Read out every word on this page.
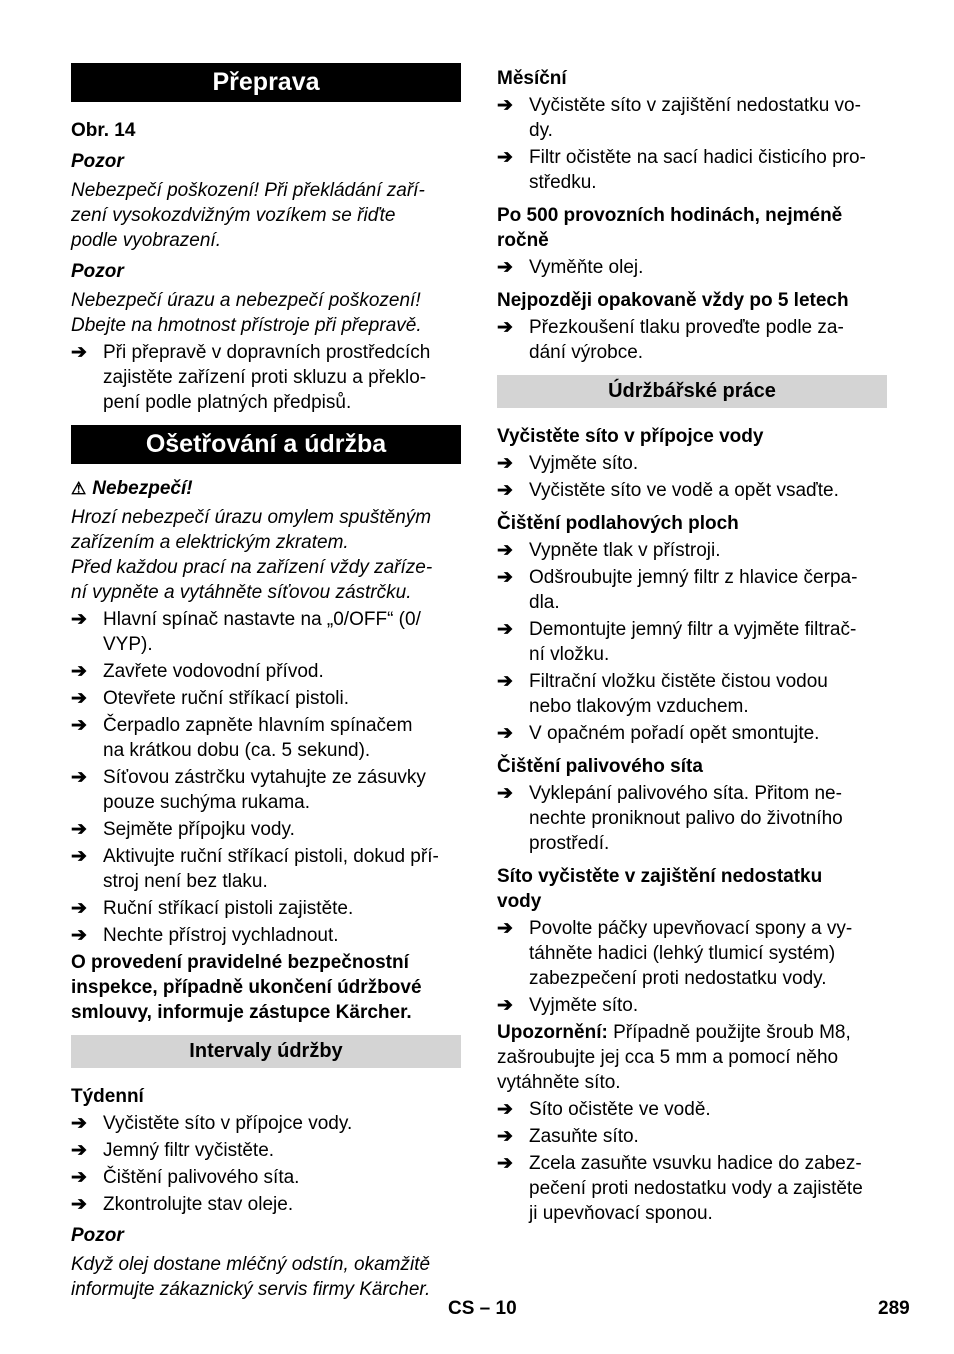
Přeprava
Obr. 14
Pozor
Nebezpečí poškození! Při překládání zaří-
zení vysokozdvižným vozíkem se řiďte
podle vyobrazení.
Pozor
Nebezpečí úrazu a nebezpečí poškození!
Dbejte na hmotnost přístroje při přepravě.
➔ Při přepravě v dopravních prostředcích
zajistěte zařízení proti skluzu a překlo-
pení podle platných předpisů.
Ošetřování a údržba
⚠ Nebezpečí!
Hrozí nebezpečí úrazu omylem spuštěným
zařízením a elektrickým zkratem.
Před každou prací na zařízení vždy zaříze-
ní vypněte a vytáhněte síťovou zástrčku.
➔ Hlavní spínač nastavte na „0/OFF“ (0/
VYP).
➔ Zavřete vodovodní přívod.
➔ Otevřete ruční stříkací pistoli.
➔ Čerpadlo zapněte hlavním spínačem
na krátkou dobu (ca. 5 sekund).
➔ Síťovou zástrčku vytahujte ze zásuvky
pouze suchýma rukama.
➔ Sejměte přípojku vody.
➔ Aktivujte ruční stříkací pistoli, dokud pří-
stroj není bez tlaku.
➔ Ruční stříkací pistoli zajistěte.
➔ Nechte přístroj vychladnout.
O provedení pravidelné bezpečnostní
inspekce, případně ukončení údržbové
smlouvy, informuje zástupce Kärcher.
Intervaly údržby
Týdenní
➔ Vyčistěte síto v přípojce vody.
➔ Jemný filtr vyčistěte.
➔ Čištění palivového síta.
➔ Zkontrolujte stav oleje.
Pozor
Když olej dostane mléčný odstín, okamžitě
informujte zákaznický servis firmy Kärcher.
Měsíční
➔ Vyčistěte síto v zajištění nedostatku vo-
dy.
➔ Filtr očistěte na sací hadici čisticího pro-
středku.
Po 500 provozních hodinách, nejméně
ročně
➔ Vyměňte olej.
Nejpozději opakovaně vždy po 5 letech
➔ Přezkoušení tlaku proveďte podle za-
dání výrobce.
Údržbářské práce
Vyčistěte síto v přípojce vody
➔ Vyjměte síto.
➔ Vyčistěte síto ve vodě a opět vsaďte.
Čištění podlahových ploch
➔ Vypněte tlak v přístroji.
➔ Odšroubujte jemný filtr z hlavice čerpa-
dla.
➔ Demontujte jemný filtr a vyjměte filtrač-
ní vložku.
➔ Filtrační vložku čistěte čistou vodou
nebo tlakovým vzduchem.
➔ V opačném pořadí opět smontujte.
Čištění palivového síta
➔ Vyklepání palivového síta. Přitom ne-
nechte proniknout palivo do životního
prostředí.
Síto vyčistěte v zajištění nedostatku
vody
➔ Povolte páčky upevňovací spony a vy-
táhněte hadici (lehký tlumicí systém)
zabezpečení proti nedostatku vody.
➔ Vyjměte síto.
Upozornění: Případně použijte šroub M8,
zašroubujte jej cca 5 mm a pomocí něho
vytáhněte síto.
➔ Síto očistěte ve vodě.
➔ Zasuňte síto.
➔ Zcela zasuňte vsuvku hadice do zabez-
pečení proti nedostatku vody a zajistěte
ji upevňovací sponou.
CS – 10	289
